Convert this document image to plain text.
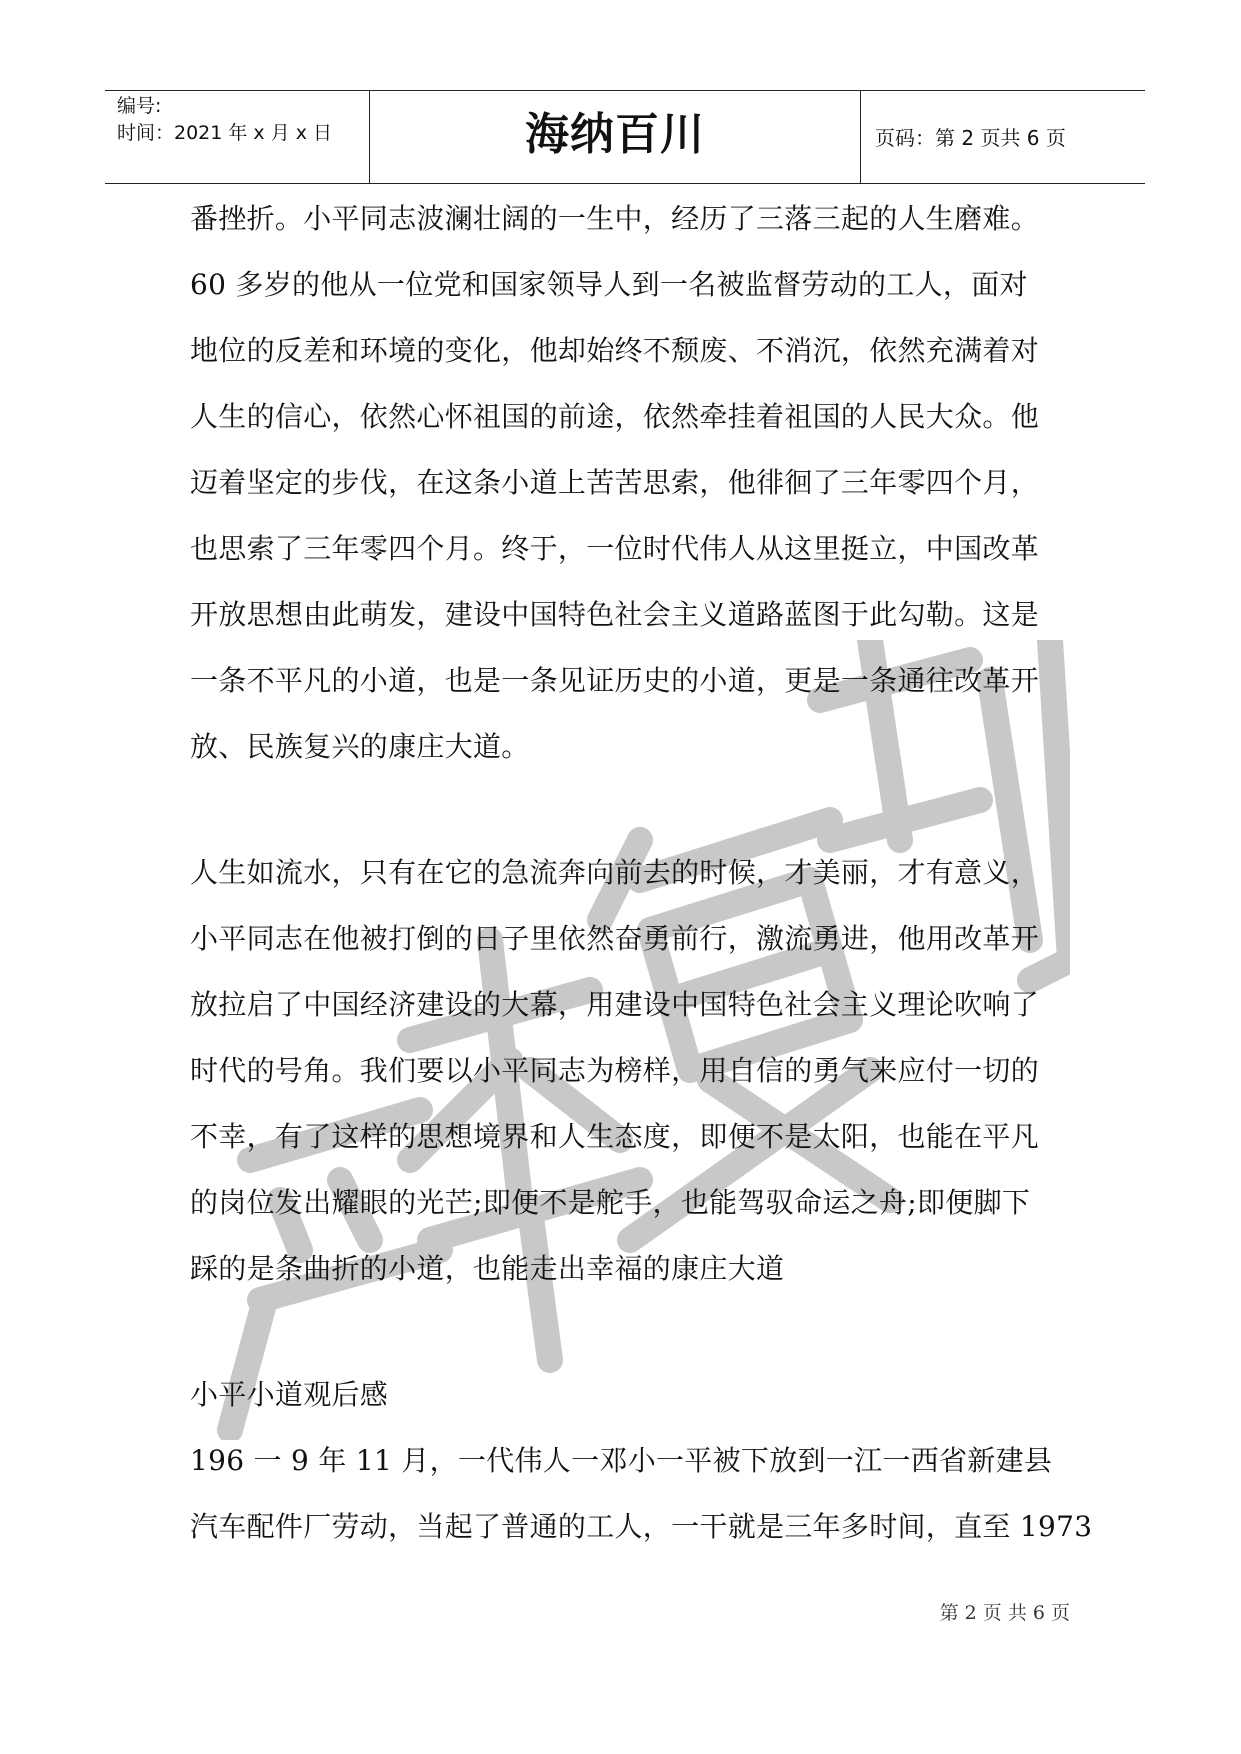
编号:
时间：2021 年 x 月 x 日	海纳百川	页码：第 2 页共 6 页
番挫折。小平同志波澜壮阔的一生中，经历了三落三起的人生磨难。
60 多岁的他从一位党和国家领导人到一名被监督劳动的工人，面对
地位的反差和环境的变化，他却始终不颓废、不消沉，依然充满着对
人生的信心，依然心怀祖国的前途，依然牵挂着祖国的人民大众。他
迈着坚定的步伐，在这条小道上苦苦思索，他徘徊了三年零四个月，
也思索了三年零四个月。终于，一位时代伟人从这里挺立，中国改革
开放思想由此萌发，建设中国特色社会主义道路蓝图于此勾勒。这是
一条不平凡的小道，也是一条见证历史的小道，更是一条通往改革开
放、民族复兴的康庄大道。
人生如流水，只有在它的急流奔向前去的时候，才美丽，才有意义，
小平同志在他被打倒的日子里依然奋勇前行，激流勇进，他用改革开
放拉启了中国经济建设的大幕，用建设中国特色社会主义理论吹响了
时代的号角。我们要以小平同志为榜样，用自信的勇气来应付一切的
不幸，有了这样的思想境界和人生态度，即便不是太阳，也能在平凡
的岗位发出耀眼的光芒;即便不是舵手，也能驾驭命运之舟;即便脚下
踩的是条曲折的小道，也能走出幸福的康庄大道
小平小道观后感
196 一 9 年 11 月，一代伟人一邓小一平被下放到一江一西省新建县
汽车配件厂劳动，当起了普通的工人，一干就是三年多时间，直至 1973
第 2 页 共 6 页
